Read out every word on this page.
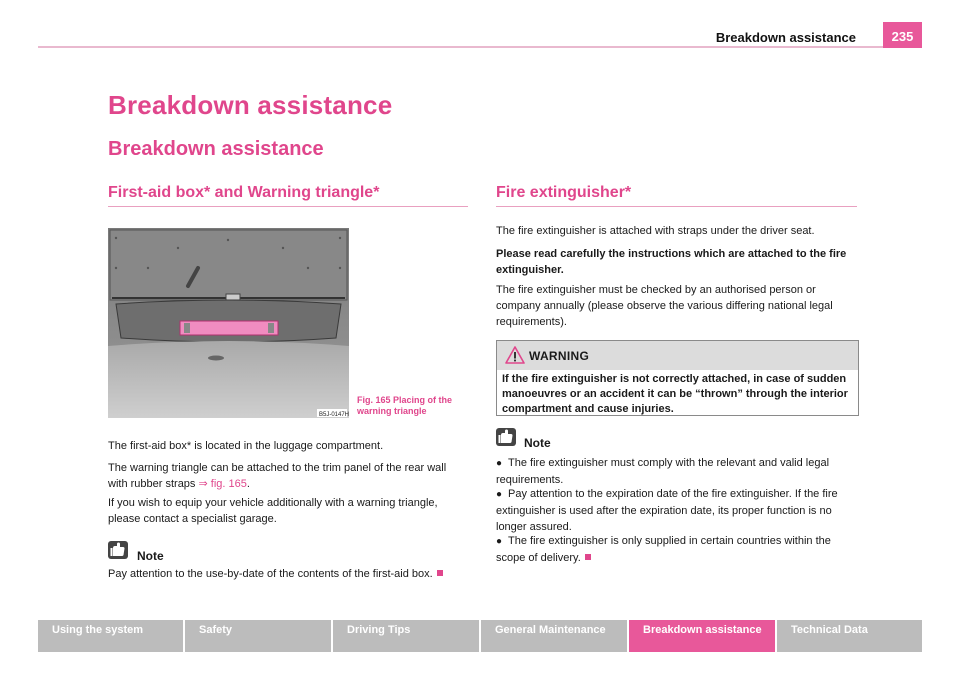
Breakdown assistance	235
Breakdown assistance
Breakdown assistance
First-aid box* and Warning triangle*	Fire extinguisher*
B5J-0147H
Fig. 165 Placing of the warning triangle

The first-aid box* is located in the luggage compartment.

The warning triangle can be attached to the trim panel of the rear wall with rubber straps ⇒ fig. 165.

If you wish to equip your vehicle additionally with a warning triangle, please contact a specialist garage.

Note

Pay attention to the use-by-date of the contents of the first-aid box.

The fire extinguisher is attached with straps under the driver seat.

Please read carefully the instructions which are attached to the fire extinguisher.

The fire extinguisher must be checked by an authorised person or company annually (please observe the various differing national legal requirements).

WARNING
If the fire extinguisher is not correctly attached, in case of sudden manoeuvres or an accident it can be “thrown” through the interior compartment and cause injuries.
Note

● The fire extinguisher must comply with the relevant and valid legal requirements.

● Pay attention to the expiration date of the fire extinguisher. If the fire extinguisher is used after the expiration date, its proper function is no longer assured.

● The fire extinguisher is only supplied in certain countries within the scope of delivery.

Using the system	Safety	Driving Tips	General Maintenance	Breakdown assistance	Technical Data
